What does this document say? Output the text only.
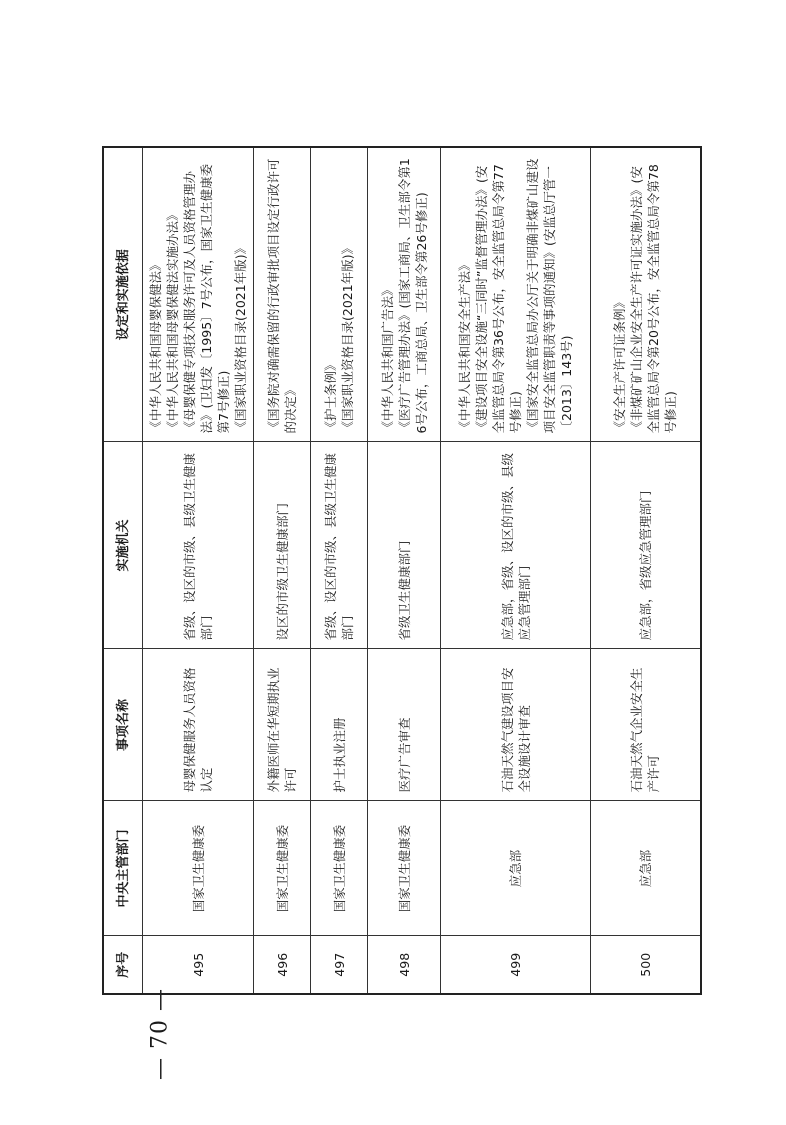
— 70 —
序号	中央主管部门	事项名称	实施机关	设定和实施依据
495	国家卫生健康委	母婴保健服务人员资格认定	省级、设区的市级、县级卫生健康部门	《中华人民共和国母婴保健法》 《中华人民共和国母婴保健法实施办法》 《母婴保健专项技术服务许可及人员资格管理办法》(卫妇发〔1995〕7号公布，国家卫生健康委第7号修正) 《国家职业资格目录(2021年版)》

496	国家卫生健康委	外籍医师在华短期执业许可	设区的市级卫生健康部门	《国务院对确需保留的行政审批项目设定行政许可的决定》

497	国家卫生健康委	护士执业注册	省级、设区的市级、县级卫生健康部门	《护士条例》 《国家职业资格目录(2021年版)》

498	国家卫生健康委	医疗广告审查	省级卫生健康部门	《中华人民共和国广告法》 《医疗广告管理办法》(国家工商局、卫生部令第16号公布，工商总局、卫生部令第26号修正)

499	应急部	石油天然气建设项目安全设施设计审查	应急部，省级、设区的市级、县级应急管理部门	《中华人民共和国安全生产法》 《建设项目安全设施“三同时”监督管理办法》(安全监管总局令第36号公布，安全监管总局令第77号修正) 《国家安全监管总局办公厅关于明确非煤矿山建设项目安全监管职责等事项的通知》(安监总厅管一〔2013〕143号)

500	应急部	石油天然气企业安全生产许可	应急部，省级应急管理部门	《安全生产许可证条例》 《非煤矿矿山企业安全生产许可证实施办法》(安全监管总局令第20号公布，安全监管总局令第78号修正)
